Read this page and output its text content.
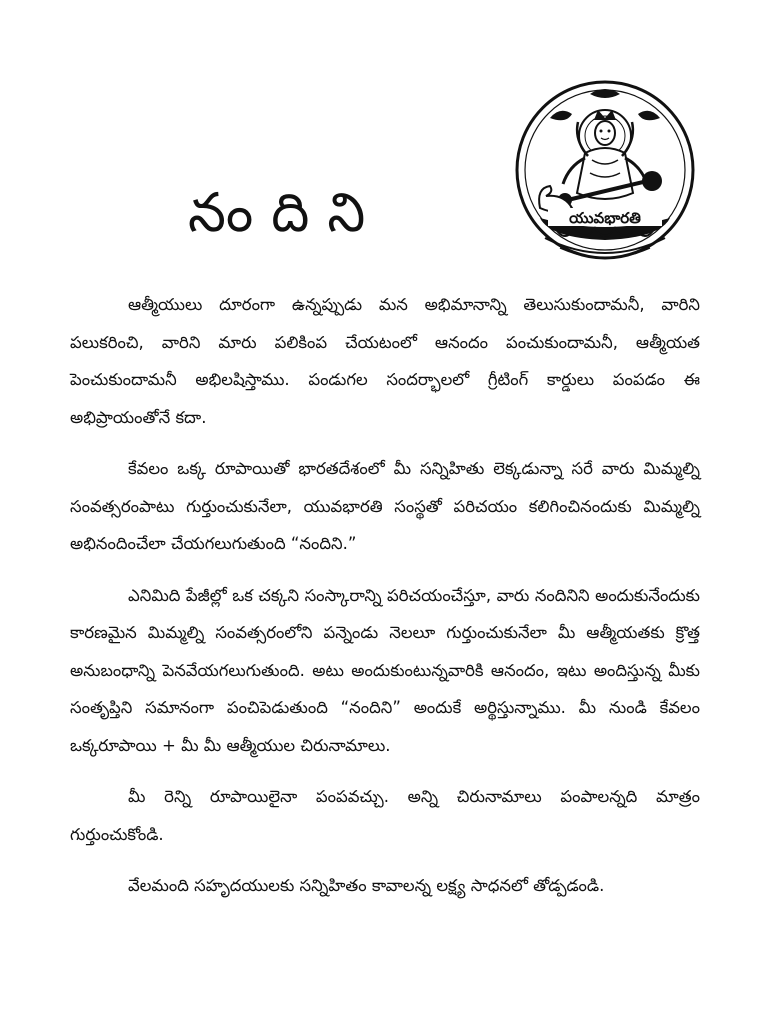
నందిని	యువభారతి

ఆత్మీయులు దూరంగా ఉన్నప్పుడు మన అభిమానాన్ని తెలుసుకుందామనీ, వారిని పలుకరించి, వారిని మారు పలికింప చేయటంలో ఆనందం పంచుకుందామనీ, ఆత్మీయత పెంచుకుందామనీ అభిలషిస్తాము. పండుగల సందర్భాలలో గ్రీటింగ్ కార్డులు పంపడం ఈ అభిప్రాయంతోనే కదా.

కేవలం ఒక్క రూపాయితో భారతదేశంలో మీ సన్నిహితు లెక్కడున్నా సరే వారు మిమ్మల్ని సంవత్సరంపాటు గుర్తుంచుకునేలా, యువభారతి సంస్థతో పరిచయం కలిగించినందుకు మిమ్మల్ని అభినందించేలా చేయగలుగుతుంది “నందిని.”

ఎనిమిది పేజీల్లో ఒక చక్కని సంస్కారాన్ని పరిచయంచేస్తూ, వారు నందినిని అందుకునేందుకు కారణమైన మిమ్మల్ని సంవత్సరంలోని పన్నెండు నెలలూ గుర్తుంచుకునేలా మీ ఆత్మీయతకు క్రొత్త అనుబంధాన్ని పెనవేయగలుగుతుంది. అటు అందుకుంటున్నవారికి ఆనందం, ఇటు అందిస్తున్న మీకు సంతృప్తిని సమానంగా పంచిపెడుతుంది “నందిని” అందుకే అర్థిస్తున్నాము. మీ నుండి కేవలం ఒక్కరూపాయి + మీ మీ ఆత్మీయుల చిరునామాలు.

మీ రెన్ని రూపాయిలైనా పంపవచ్చు. అన్ని చిరునామాలు పంపాలన్నది మాత్రం గుర్తుంచుకోండి.

వేలమంది సహృదయులకు సన్నిహితం కావాలన్న లక్ష్య సాధనలో తోడ్పడండి.
